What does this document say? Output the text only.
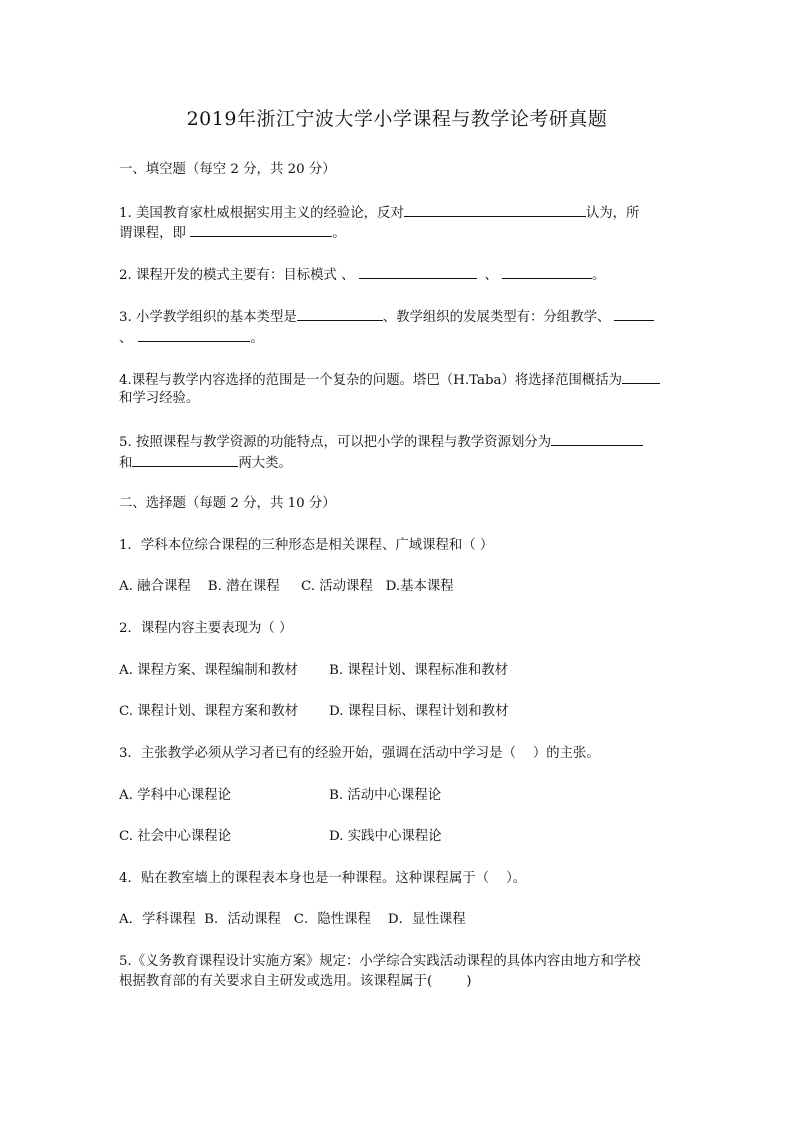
2019年浙江宁波大学小学课程与教学论考研真题
一、填空题（每空 2 分，共 20 分）
1. 美国教育家杜威根据实用主义的经验论，反对	认为，所
谓课程，即	。
2. 课程开发的模式主要有：目标模式 、	、	。
3. 小学教学组织的基本类型是	、教学组织的发展类型有：分组教学、
、	。
4.课程与教学内容选择的范围是一个复杂的问题。塔巴（H.Taba）将选择范围概括为
和学习经验。
5. 按照课程与教学资源的功能特点，可以把小学的课程与教学资源划分为
和	两大类。
二、选择题（每题 2 分，共 10 分）
1．学科本位综合课程的三种形态是相关课程、广域课程和（ ）
A. 融合课程    B. 潜在课程     C. 活动课程   D.基本课程
2．课程内容主要表现为（ ）
A. 课程方案、课程编制和教材 B. 课程计划、课程标准和教材
C. 课程计划、课程方案和教材 D. 课程目标、课程计划和教材
3．主张教学必须从学习者已有的经验开始，强调在活动中学习是（    ）的主张。
A. 学科中心课程论	B. 活动中心课程论
C. 社会中心课程论	D. 实践中心课程论
4．贴在教室墙上的课程表本身也是一种课程。这种课程属于（    ）。
A．学科课程  B．活动课程   C．隐性课程    D．显性课程
5.《义务教育课程设计实施方案》规定：小学综合实践活动课程的具体内容由地方和学校
根据教育部的有关要求自主研发或选用。该课程属于(        )
